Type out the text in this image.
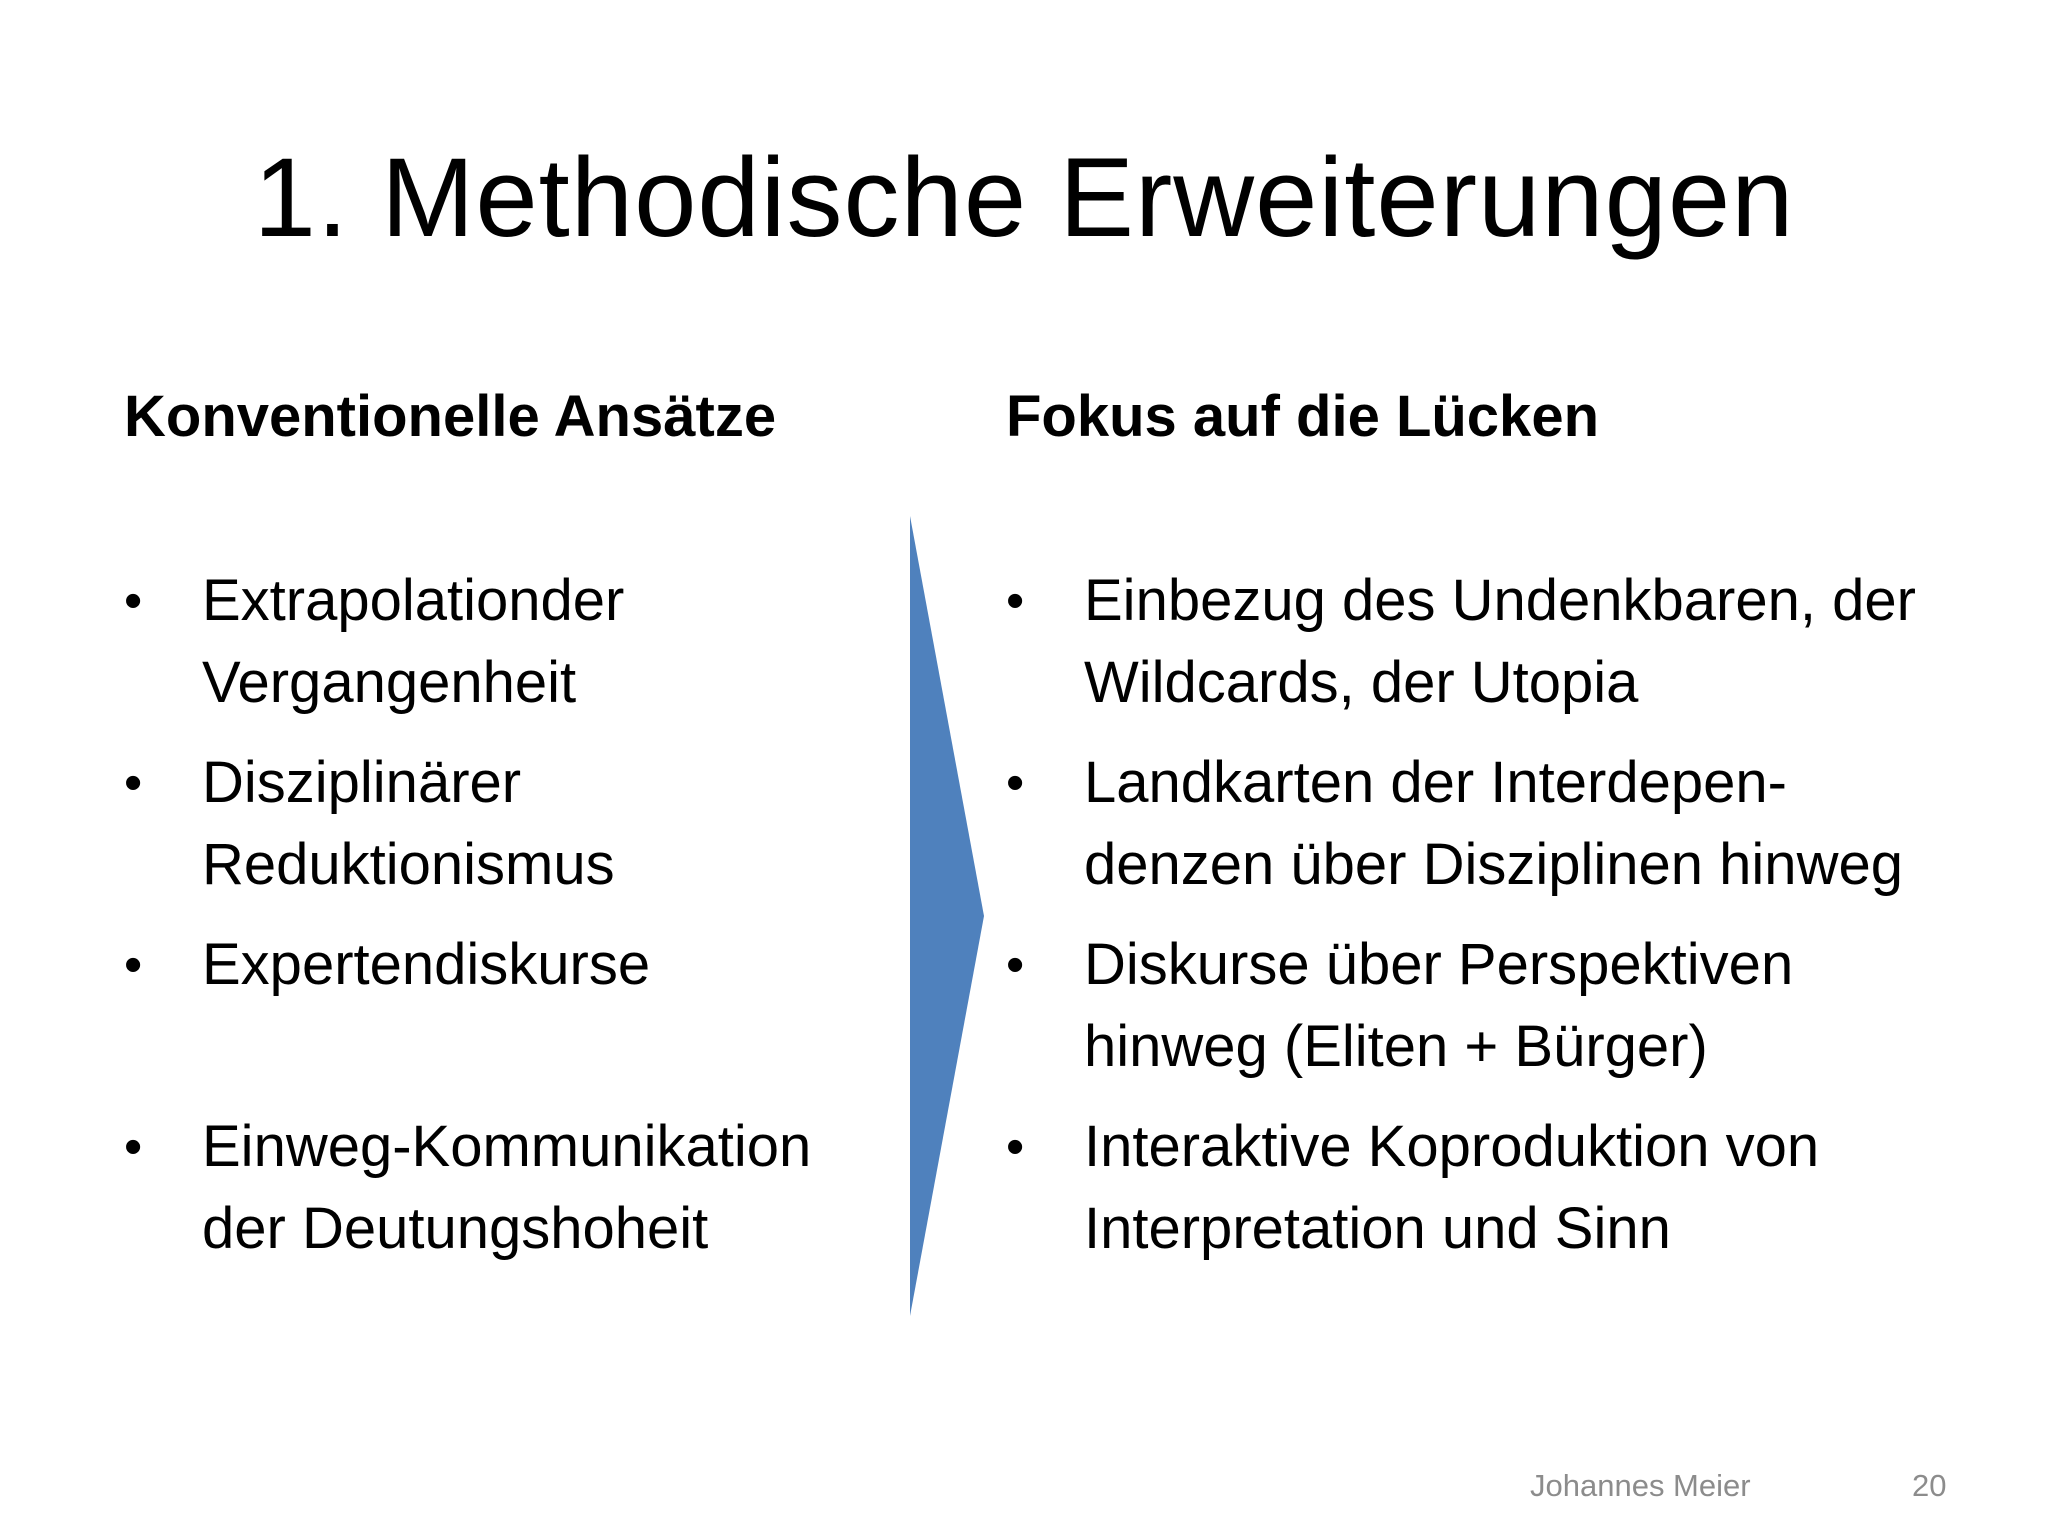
1. Methodische Erweiterungen
Konventionelle Ansätze	Fokus auf die Lücken
• Extrapolationder
Vergangenheit
• Disziplinärer
Reduktionismus
• Expertendiskurse
• Einweg-Kommunikation
der Deutungshoheit
• Einbezug des Undenkbaren, der
Wildcards, der Utopia
• Landkarten der Interdepen-
denzen über Disziplinen hinweg
• Diskurse über Perspektiven
hinweg (Eliten + Bürger)
• Interaktive Koproduktion von
Interpretation und Sinn
Johannes Meier	20
